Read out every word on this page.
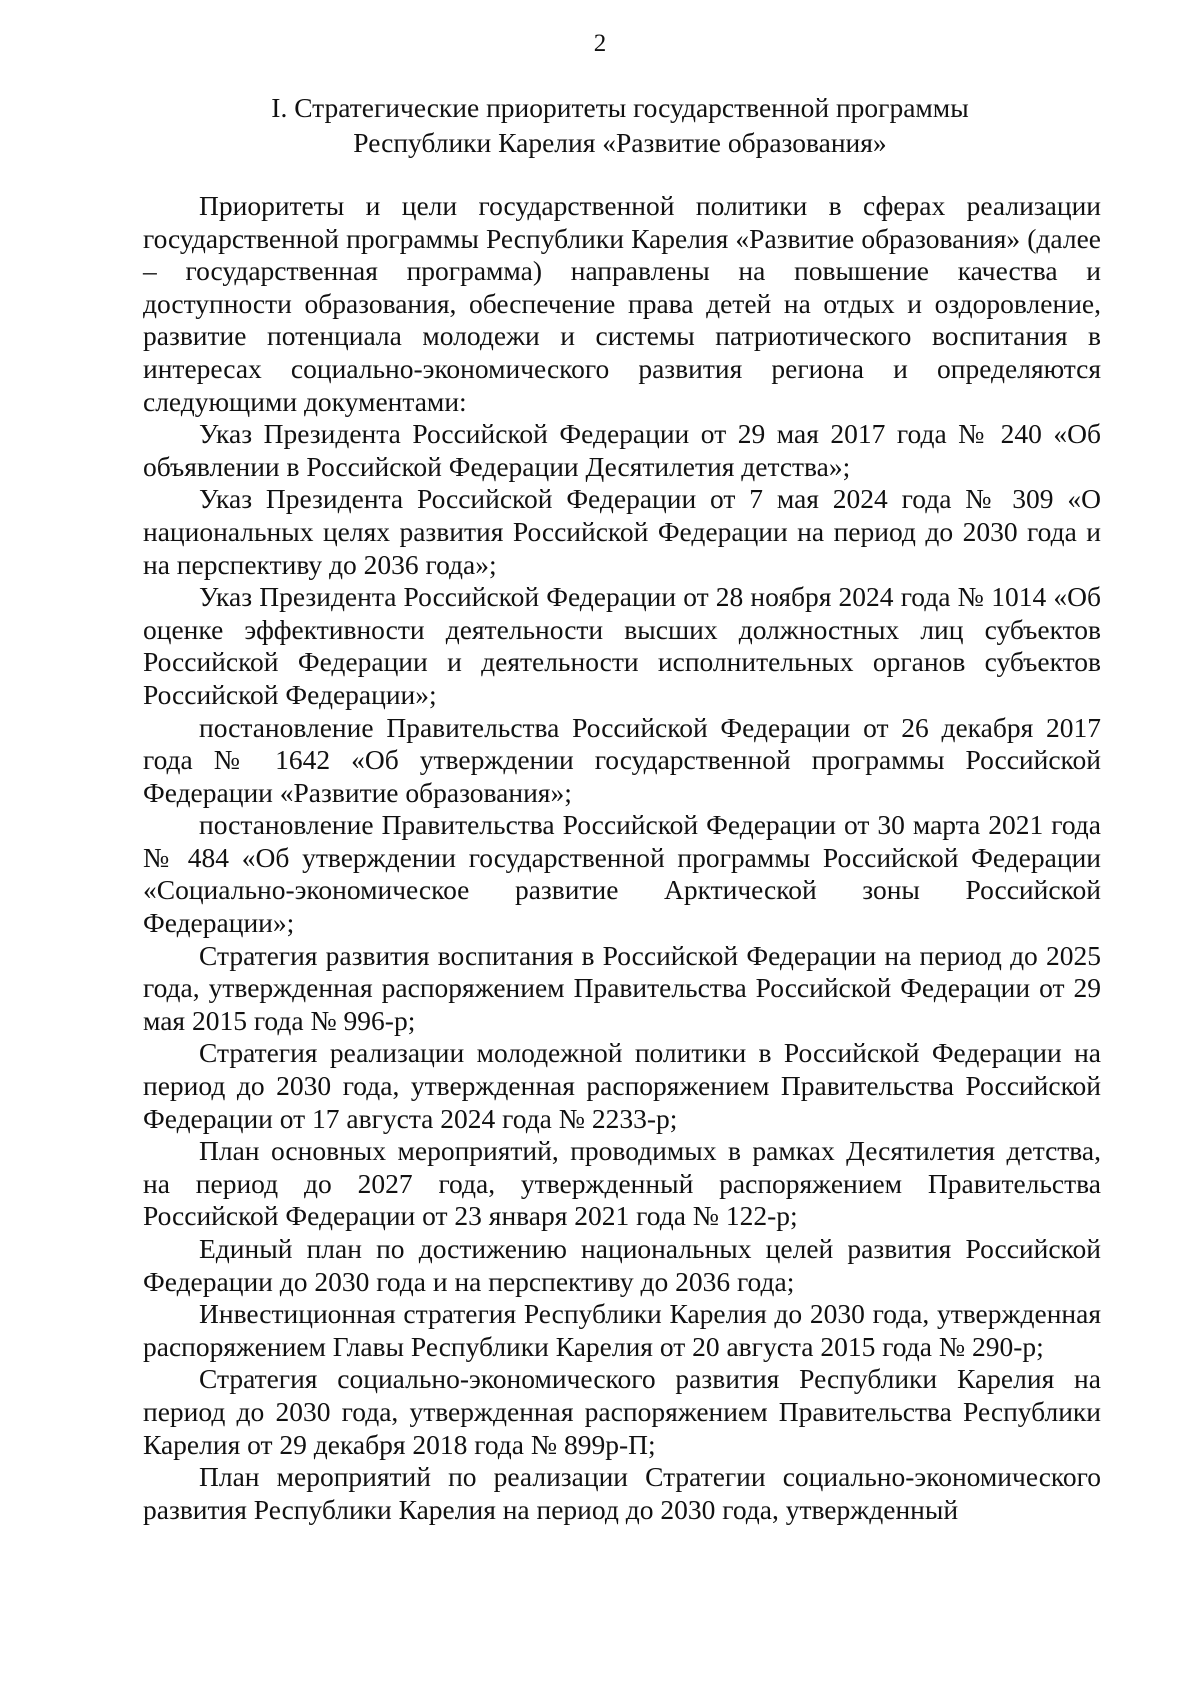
2
I. Стратегические приоритеты государственной программы
Республики Карелия «Развитие образования»

Приоритеты и цели государственной политики в сферах реализации государственной программы Республики Карелия «Развитие образования» (далее – государственная программа) направлены на повышение качества и доступности образования, обеспечение права детей на отдых и оздоровление, развитие потенциала молодежи и системы патриотического воспитания в интересах социально-экономического развития региона и определяются следующими документами:

Указ Президента Российской Федерации от 29 мая 2017 года № 240 «Об объявлении в Российской Федерации Десятилетия детства»;

Указ Президента Российской Федерации от 7 мая 2024 года № 309 «О национальных целях развития Российской Федерации на период до 2030 года и на перспективу до 2036 года»;

Указ Президента Российской Федерации от 28 ноября 2024 года № 1014 «Об оценке эффективности деятельности высших должностных лиц субъектов Российской Федерации и деятельности исполнительных органов субъектов Российской Федерации»;

постановление Правительства Российской Федерации от 26 декабря 2017 года № 1642 «Об утверждении государственной программы Российской Федерации «Развитие образования»;

постановление Правительства Российской Федерации от 30 марта 2021 года № 484 «Об утверждении государственной программы Российской Федерации «Социально-экономическое развитие Арктической зоны Российской Федерации»;

Стратегия развития воспитания в Российской Федерации на период до 2025 года, утвержденная распоряжением Правительства Российской Федерации от 29 мая 2015 года № 996-р;

Стратегия реализации молодежной политики в Российской Федерации на период до 2030 года, утвержденная распоряжением Правительства Российской Федерации от 17 августа 2024 года № 2233-р;

План основных мероприятий, проводимых в рамках Десятилетия детства, на период до 2027 года, утвержденный распоряжением Правительства Российской Федерации от 23 января 2021 года № 122-р;

Единый план по достижению национальных целей развития Российской Федерации до 2030 года и на перспективу до 2036 года;

Инвестиционная стратегия Республики Карелия до 2030 года, утвержденная распоряжением Главы Республики Карелия от 20 августа 2015 года № 290-р;

Стратегия социально-экономического развития Республики Карелия на период до 2030 года, утвержденная распоряжением Правительства Республики Карелия от 29 декабря 2018 года № 899р-П;

План мероприятий по реализации Стратегии социально-экономического развития Республики Карелия на период до 2030 года, утвержденный
